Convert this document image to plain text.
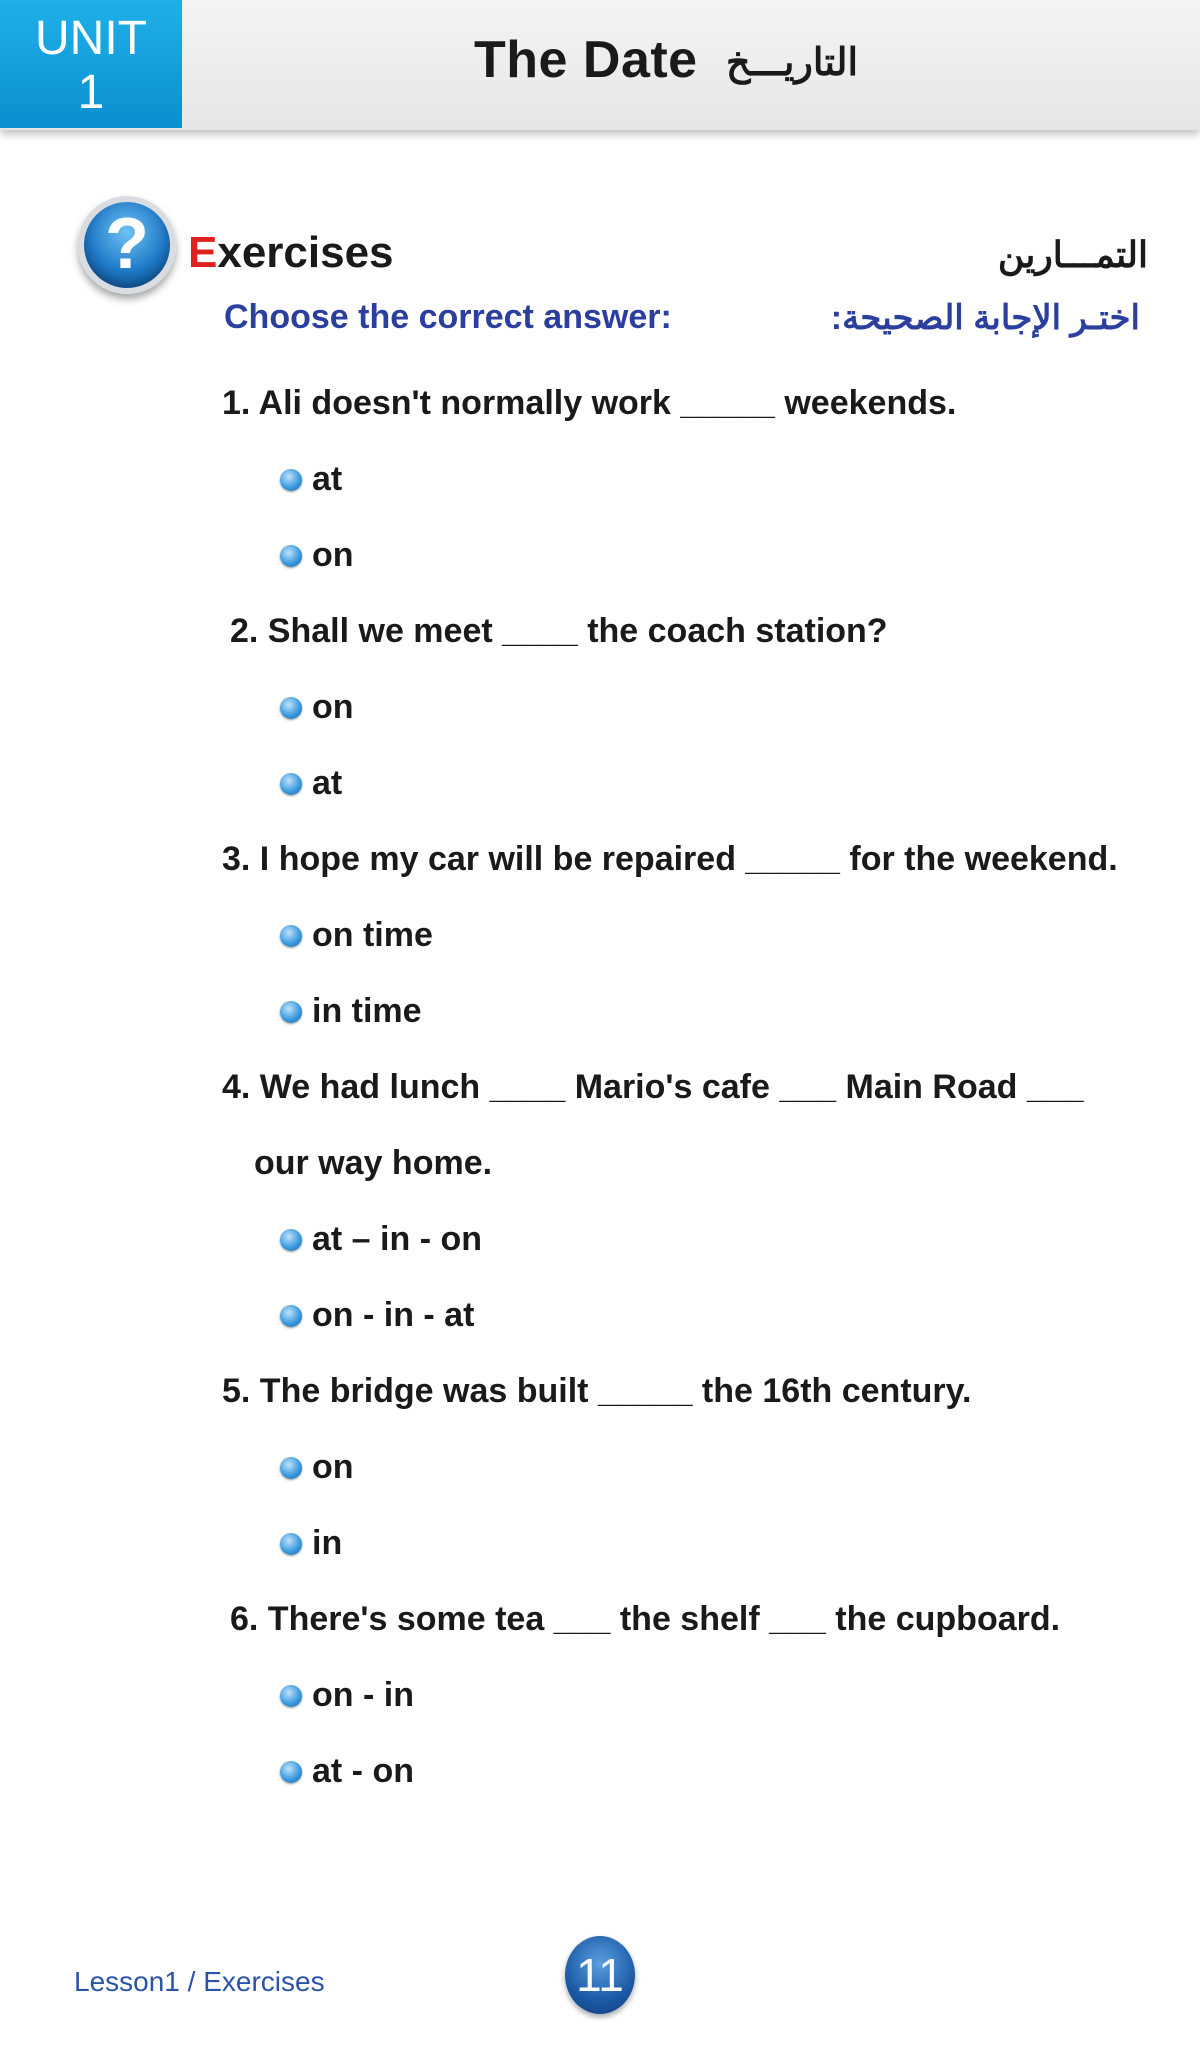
UNIT
1
The Date التاريـــخ
? Exercises	التمـــارين
Choose the correct answer:	اختـر الإجابة الصحيحة:
1. Ali doesn't normally work _____ weekends.
at
on
2. Shall we meet ____ the coach station?
on
at
3. I hope my car will be repaired _____ for the weekend.
on time
in time
4. We had lunch ____ Mario's cafe ___ Main Road ___
our way home.
at – in - on
on - in - at
5. The bridge was built _____ the 16th century.
on
in
6. There's some tea ___ the shelf ___ the cupboard.
on - in
at - on
Lesson1 / Exercises	11
